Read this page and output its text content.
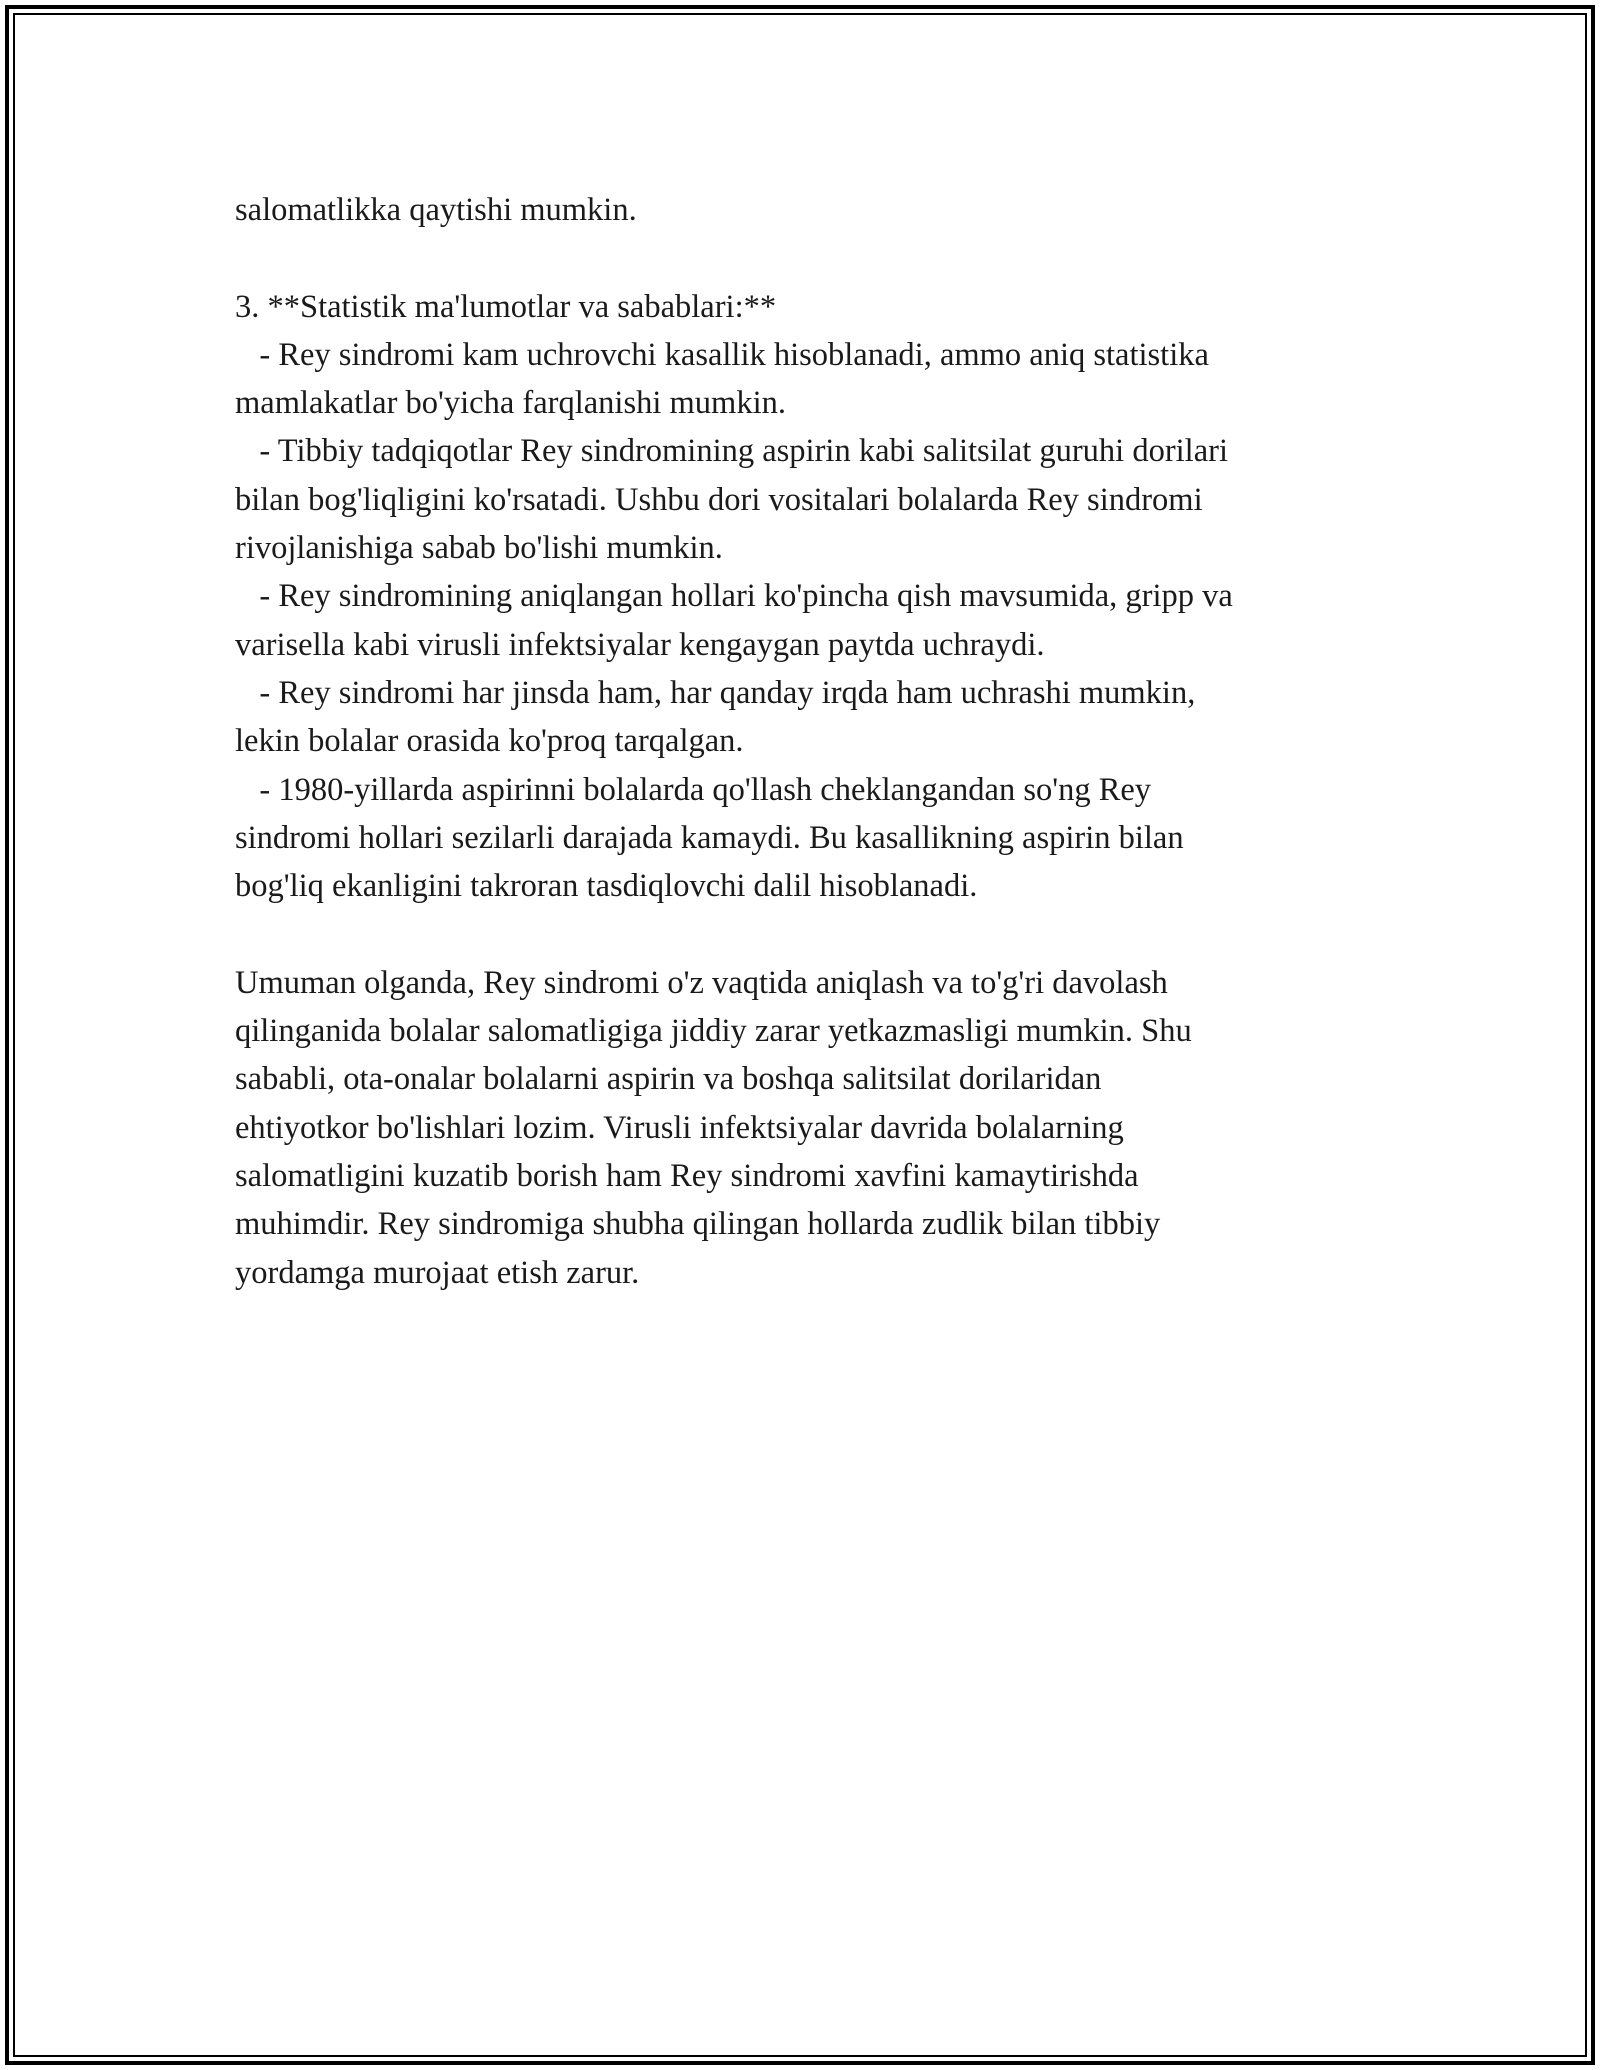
salomatlikka qaytishi mumkin.
3. **Statistik ma'lumotlar va sabablari:**
- Rey sindromi kam uchrovchi kasallik hisoblanadi, ammo aniq statistika
mamlakatlar bo'yicha farqlanishi mumkin.
- Tibbiy tadqiqotlar Rey sindromining aspirin kabi salitsilat guruhi dorilari
bilan bog'liqligini ko'rsatadi. Ushbu dori vositalari bolalarda Rey sindromi
rivojlanishiga sabab bo'lishi mumkin.
- Rey sindromining aniqlangan hollari ko'pincha qish mavsumida, gripp va
varisella kabi virusli infektsiyalar kengaygan paytda uchraydi.
- Rey sindromi har jinsda ham, har qanday irqda ham uchrashi mumkin,
lekin bolalar orasida ko'proq tarqalgan.
- 1980-yillarda aspirinni bolalarda qo'llash cheklangandan so'ng Rey
sindromi hollari sezilarli darajada kamaydi. Bu kasallikning aspirin bilan
bog'liq ekanligini takroran tasdiqlovchi dalil hisoblanadi.
Umuman olganda, Rey sindromi o'z vaqtida aniqlash va to'g'ri davolash
qilinganida bolalar salomatligiga jiddiy zarar yetkazmasligi mumkin. Shu
sababli, ota-onalar bolalarni aspirin va boshqa salitsilat dorilaridan
ehtiyotkor bo'lishlari lozim. Virusli infektsiyalar davrida bolalarning
salomatligini kuzatib borish ham Rey sindromi xavfini kamaytirishda
muhimdir. Rey sindromiga shubha qilingan hollarda zudlik bilan tibbiy
yordamga murojaat etish zarur.
